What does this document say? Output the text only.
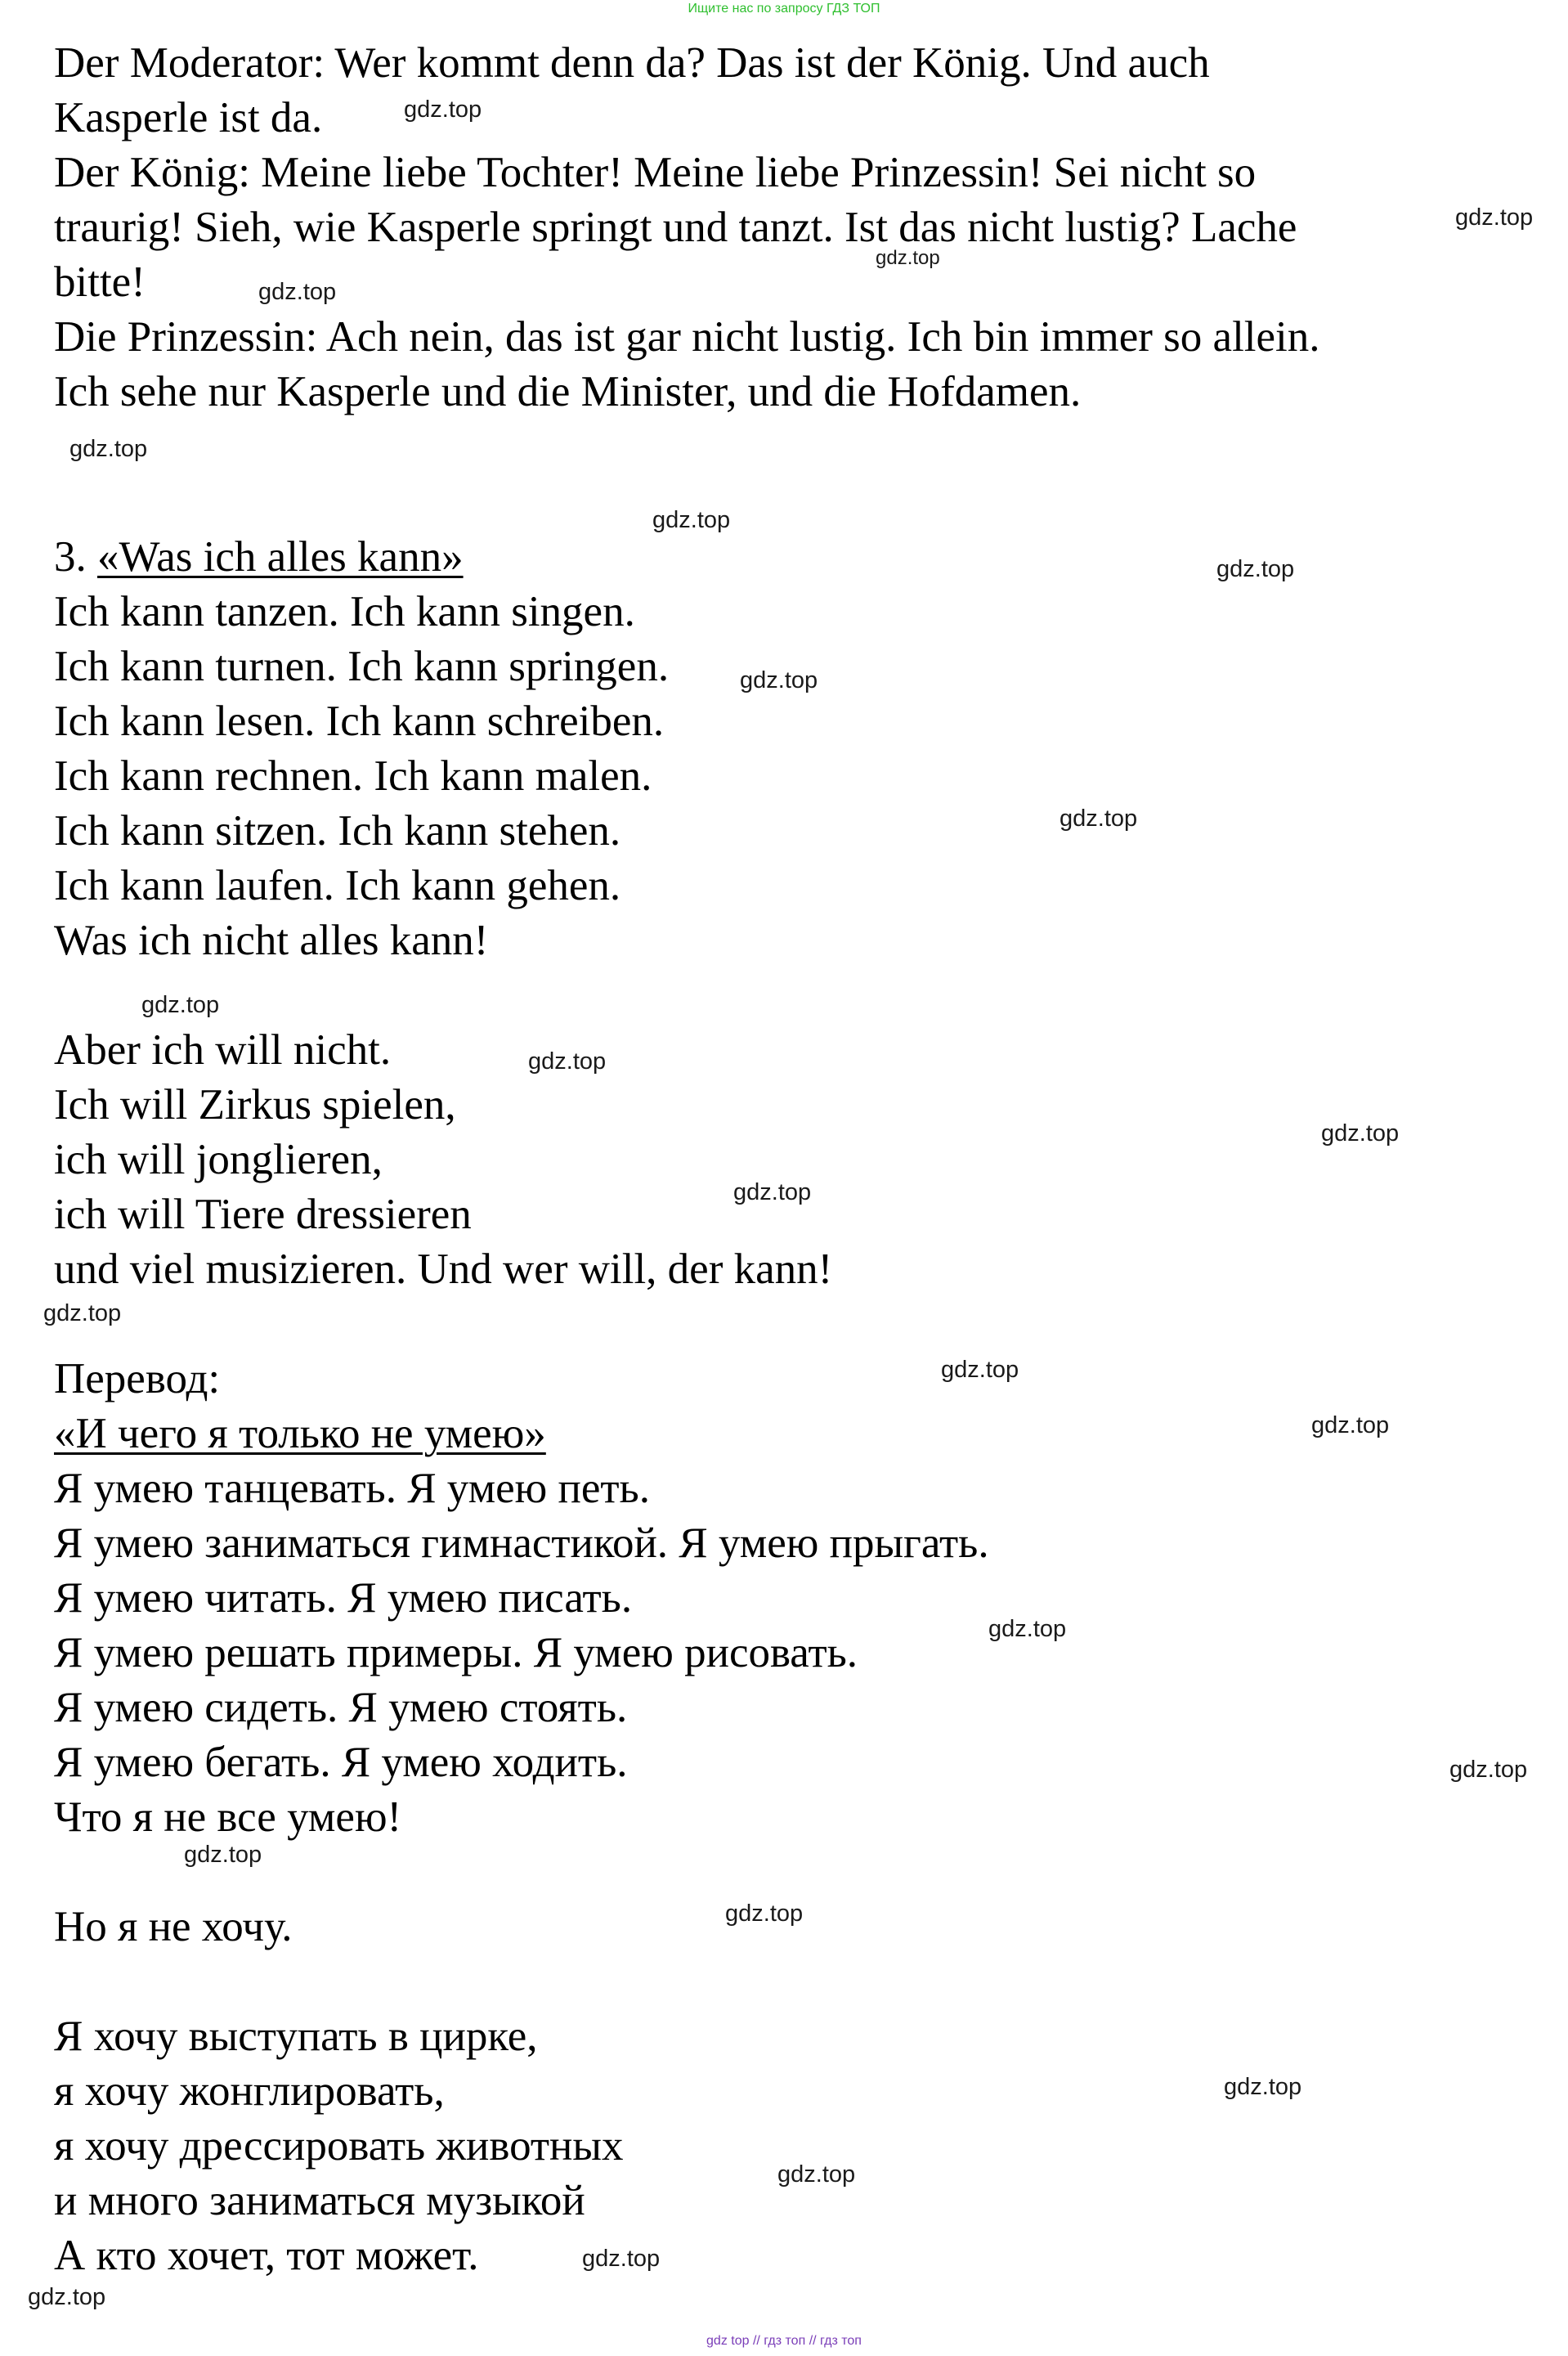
Ищите нас по запросу ГДЗ ТОП
Der Moderator: Wer kommt denn da? Das ist der König. Und auch
Kasperle ist da.
Der König: Meine liebe Tochter! Meine liebe Prinzessin! Sei nicht so
traurig! Sieh, wie Kasperle springt und tanzt. Ist das nicht lustig? Lache
bitte!
Die Prinzessin: Ach nein, das ist gar nicht lustig. Ich bin immer so allein.
Ich sehe nur Kasperle und die Minister, und die Hofdamen.
3. «Was ich alles kann»
Ich kann tanzen. Ich kann singen.
Ich kann turnen. Ich kann springen.
Ich kann lesen. Ich kann schreiben.
Ich kann rechnen. Ich kann malen.
Ich kann sitzen. Ich kann stehen.
Ich kann laufen. Ich kann gehen.
Was ich nicht alles kann!
Aber ich will nicht.
Ich will Zirkus spielen,
ich will jonglieren,
ich will Tiere dressieren
und viel musizieren. Und wer will, der kann!
Перевод:
«И чего я только не умею»
Я умею танцевать. Я умею петь.
Я умею заниматься гимнастикой. Я умею прыгать.
Я умею читать. Я умею писать.
Я умею решать примеры. Я умею рисовать.
Я умею сидеть. Я умею стоять.
Я умею бегать. Я умею ходить.
Что я не все умею!
Но я не хочу.
Я хочу выступать в цирке,
я хочу жонглировать,
я хочу дрессировать животных
и много заниматься музыкой
А кто хочет, тот может.
gdz.top
gdz.top
gdz.top
gdz.top
gdz.top
gdz.top
gdz.top
gdz.top
gdz.top
gdz.top
gdz.top
gdz.top
gdz.top
gdz.top
gdz.top
gdz.top
gdz.top
gdz.top
gdz.top
gdz.top
gdz.top
gdz.top
gdz.top
gdz.top
gdz top // гдз топ // гдз топ
